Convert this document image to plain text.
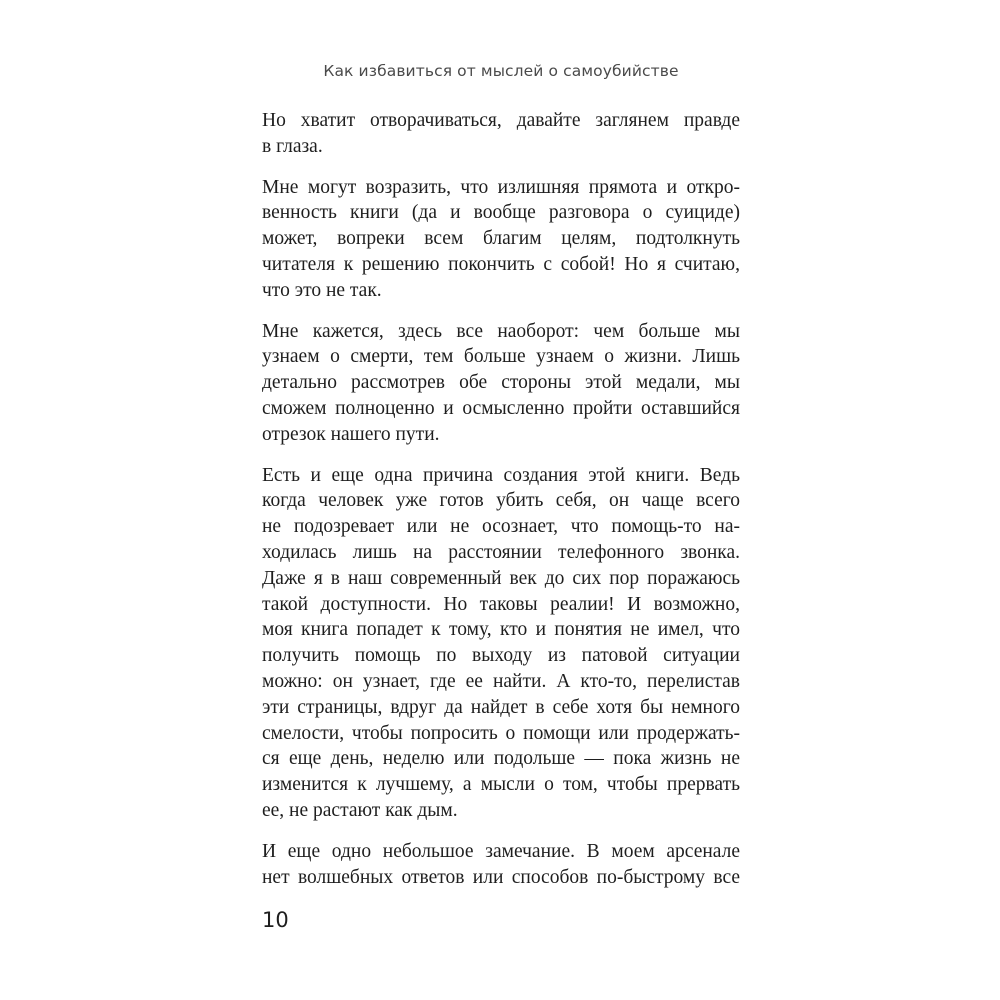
Как избавиться от мыслей о самоубийстве
Но хватит отворачиваться, давайте заглянем правде
в глаза.
Мне могут возразить, что излишняя прямота и откро-
венность книги (да и вообще разговора о суициде)
может, вопреки всем благим целям, подтолкнуть
читателя к решению покончить с собой! Но я считаю,
что это не так.
Мне кажется, здесь все наоборот: чем больше мы
узнаем о смерти, тем больше узнаем о жизни. Лишь
детально рассмотрев обе стороны этой медали, мы
сможем полноценно и осмысленно пройти оставшийся
отрезок нашего пути.
Есть и еще одна причина создания этой книги. Ведь
когда человек уже готов убить себя, он чаще всего
не подозревает или не осознает, что помощь-то на-
ходилась лишь на расстоянии телефонного звонка.
Даже я в наш современный век до сих пор поражаюсь
такой доступности. Но таковы реалии! И возможно,
моя книга попадет к тому, кто и понятия не имел, что
получить помощь по выходу из патовой ситуации
можно: он узнает, где ее найти. А кто-то, перелистав
эти страницы, вдруг да найдет в себе хотя бы немного
смелости, чтобы попросить о помощи или продержать-
ся еще день, неделю или подольше — пока жизнь не
изменится к лучшему, а мысли о том, чтобы прервать
ее, не растают как дым.
И еще одно небольшое замечание. В моем арсенале
нет волшебных ответов или способов по-быстрому все
10
